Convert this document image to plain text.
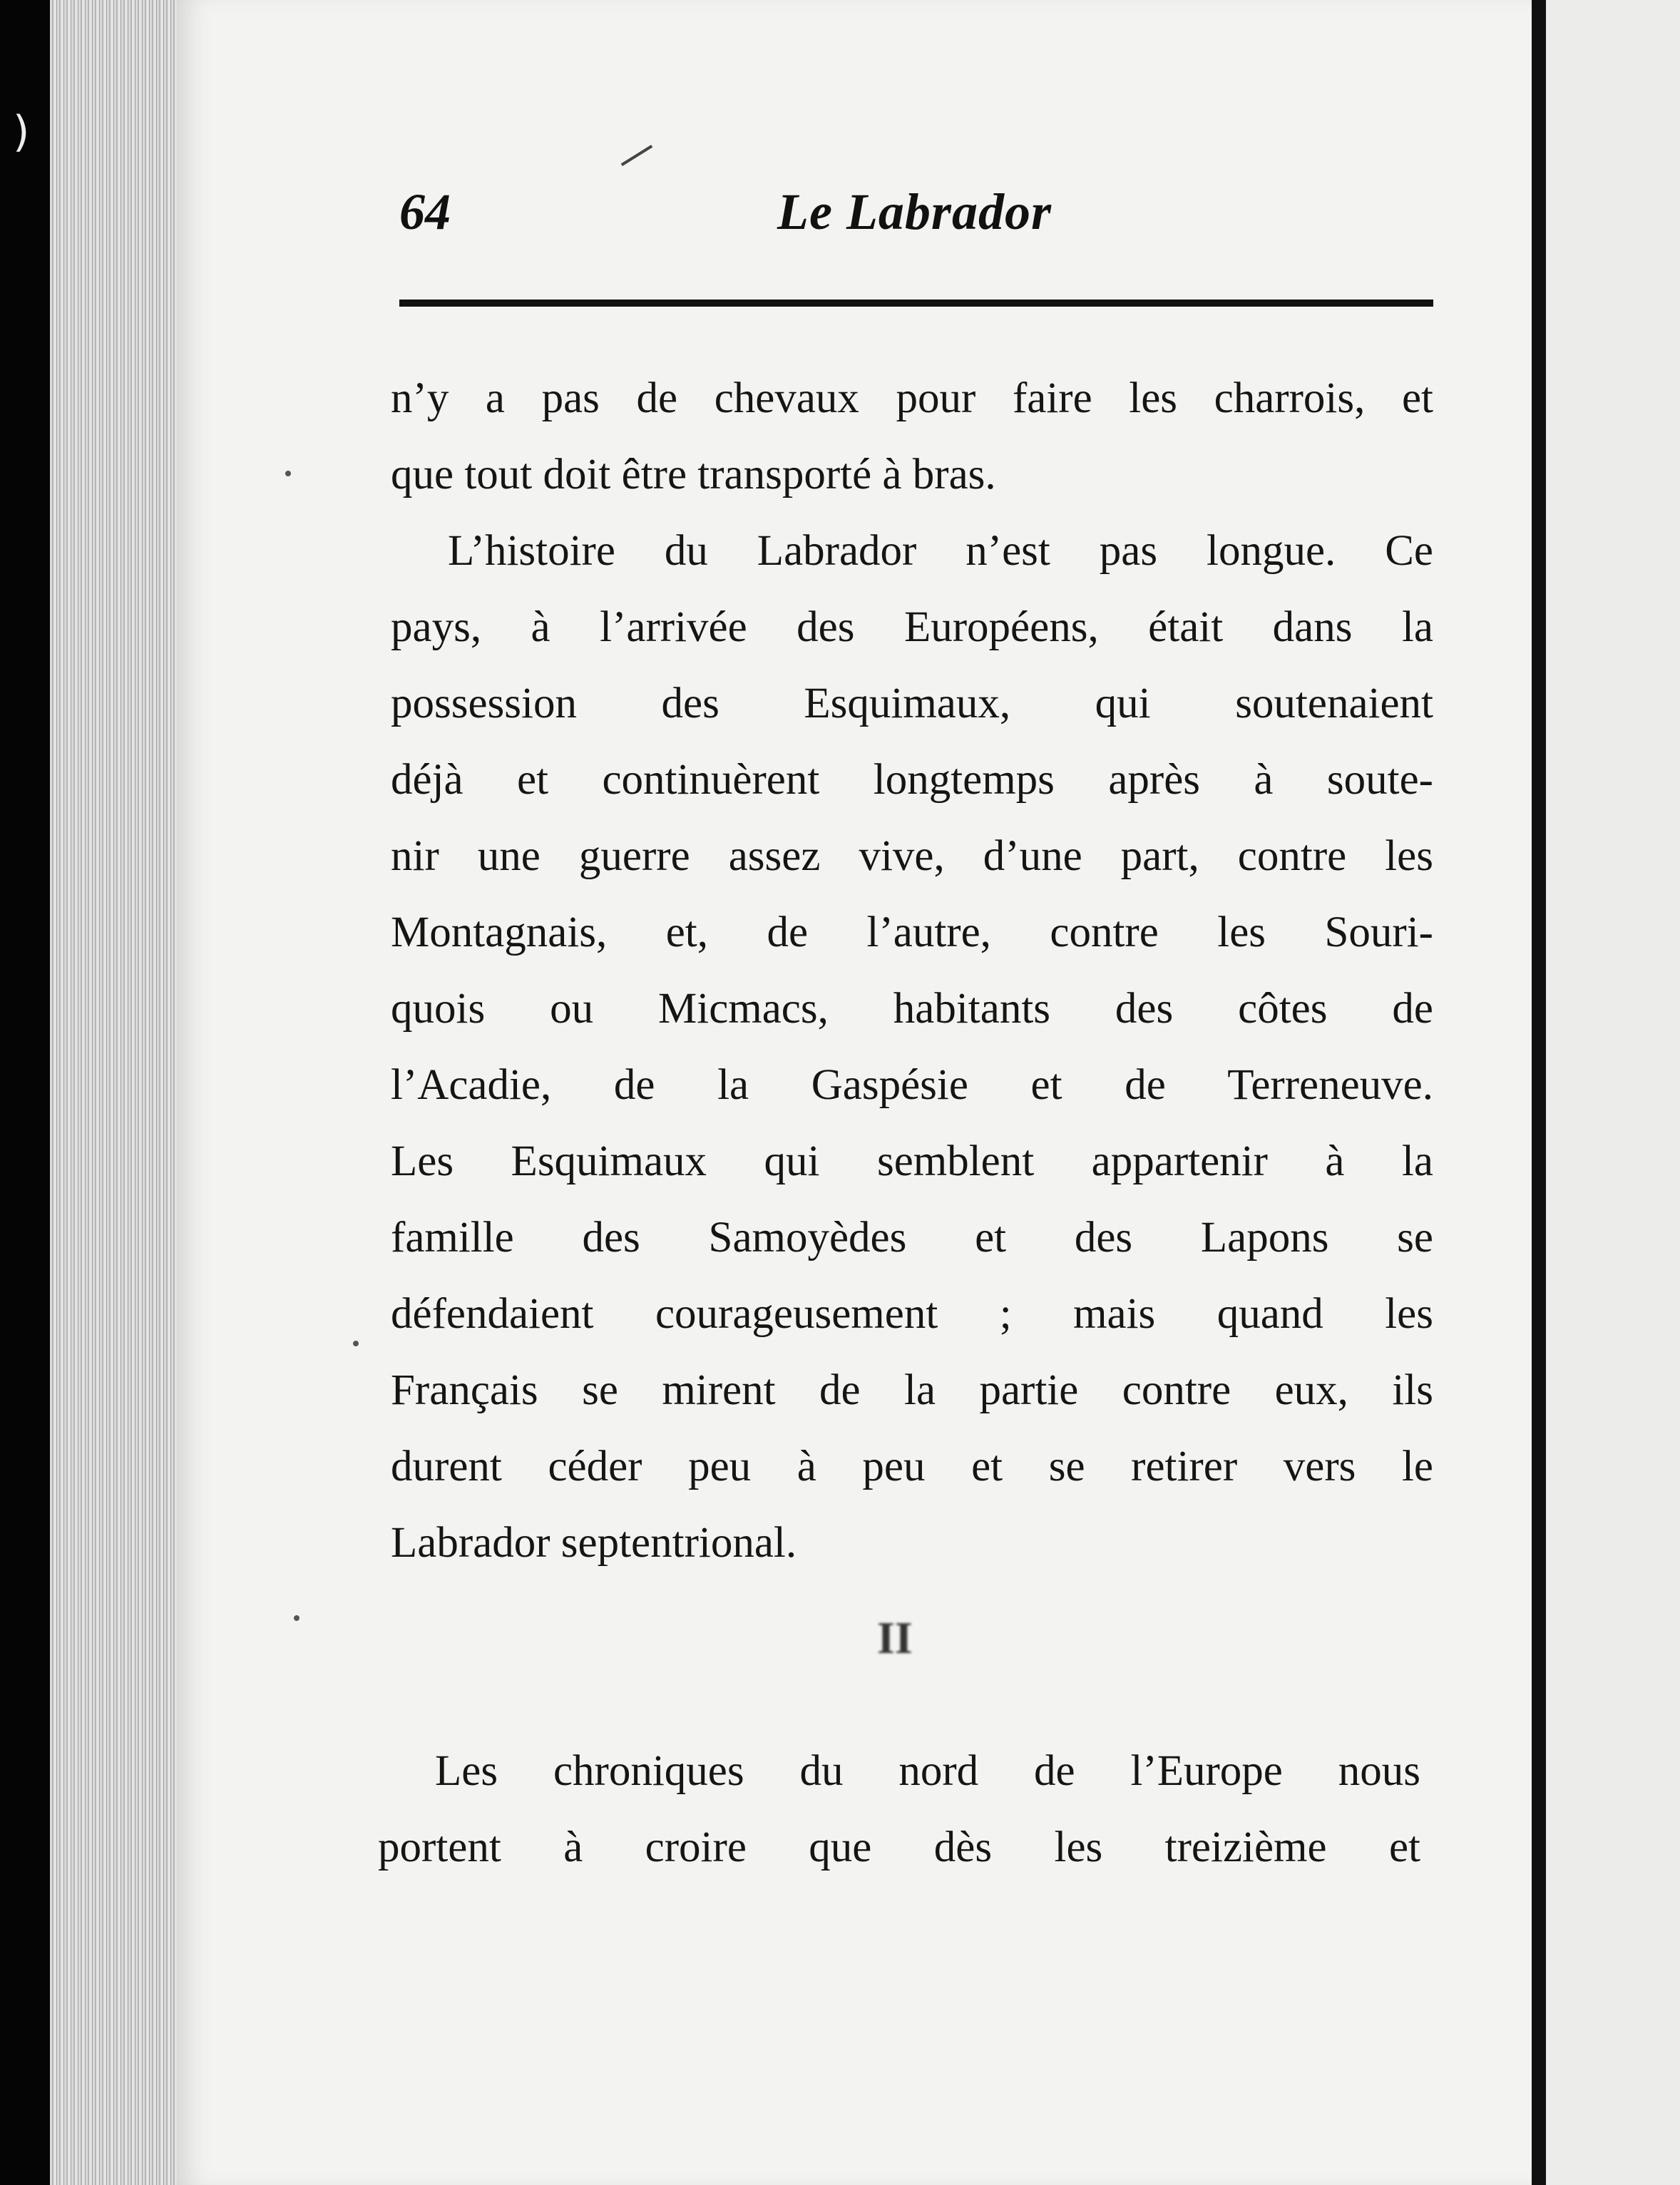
)
64	Le Labrador
n’y a pas de chevaux pour faire les charrois, et
que tout doit être transporté à bras.
L’histoire du Labrador n’est pas longue. Ce
pays, à l’arrivée des Européens, était dans la
possession des Esquimaux, qui soutenaient
déjà et continuèrent longtemps après à soute-
nir une guerre assez vive, d’une part, contre les
Montagnais, et, de l’autre, contre les Souri-
quois ou Micmacs, habitants des côtes de
l’Acadie, de la Gaspésie et de Terreneuve.
Les Esquimaux qui semblent appartenir à la
famille des Samoyèdes et des Lapons se
défendaient courageusement ; mais quand les
Français se mirent de la partie contre eux, ils
durent céder peu à peu et se retirer vers le
Labrador septentrional.
II
Les chroniques du nord de l’Europe nous
portent à croire que dès les treizième et
